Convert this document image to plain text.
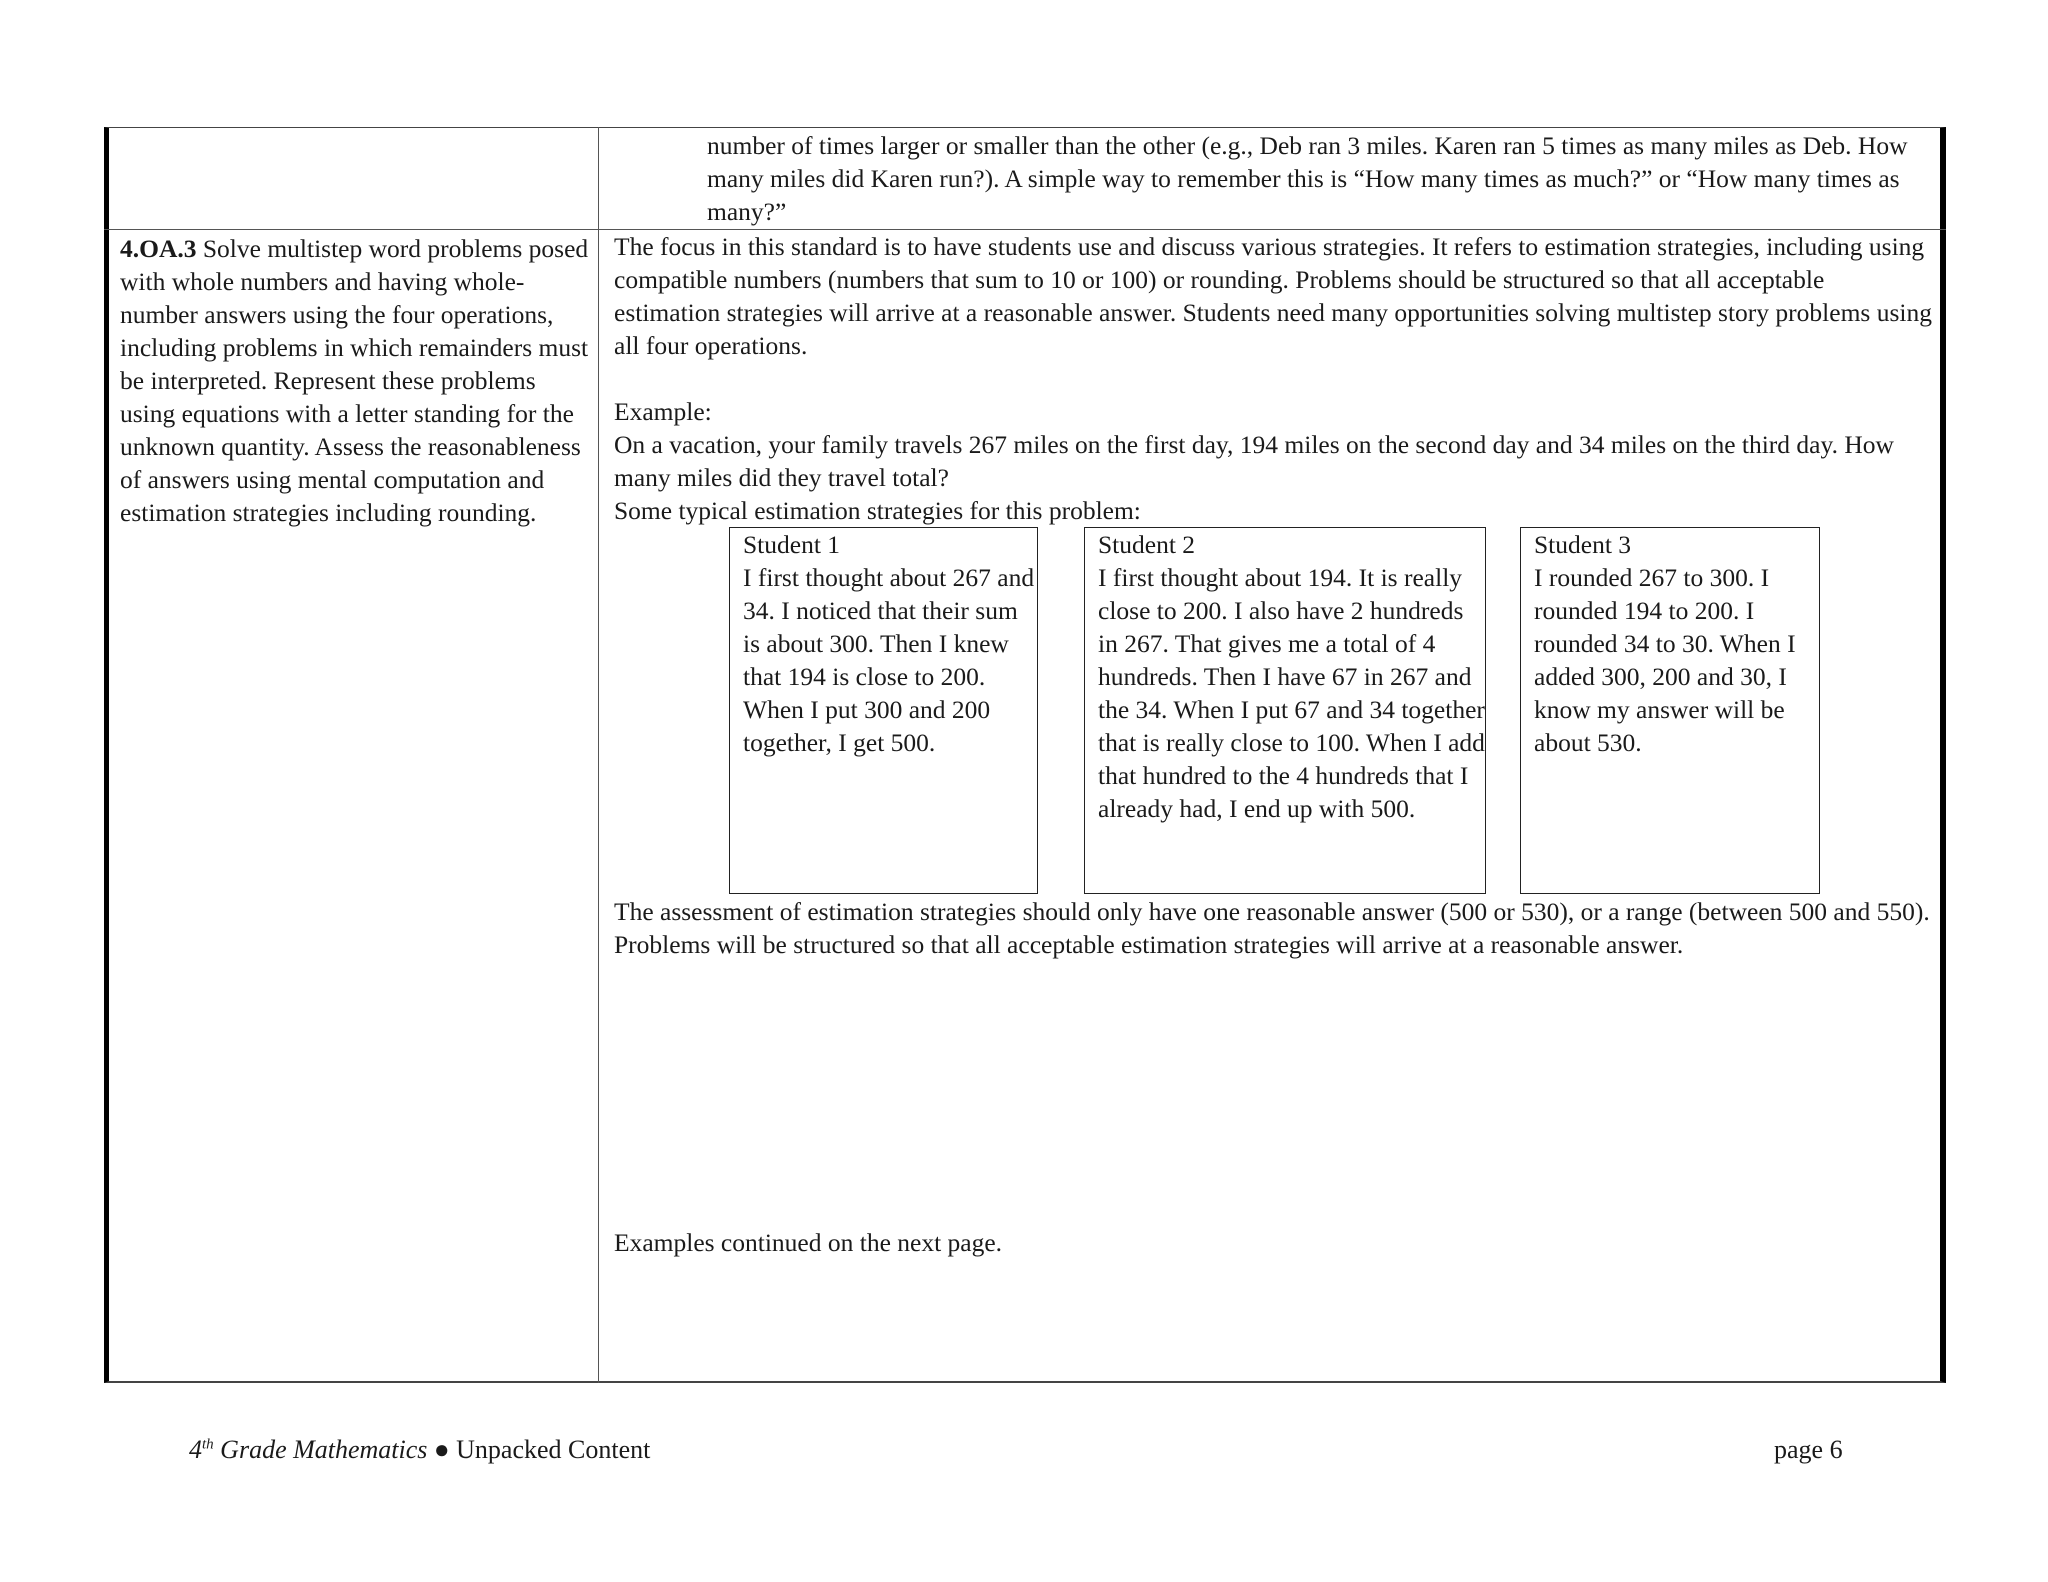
number of times larger or smaller than the other (e.g., Deb ran 3 miles. Karen ran 5 times as many miles as Deb. How many miles did Karen run?). A simple way to remember this is “How many times as much?” or “How many times as many?”
4.OA.3 Solve multistep word problems posed with whole numbers and having whole-number answers using the four operations, including problems in which remainders must be interpreted. Represent these problems using equations with a letter standing for the unknown quantity. Assess the reasonableness of answers using mental computation and estimation strategies including rounding.
The focus in this standard is to have students use and discuss various strategies. It refers to estimation strategies, including using compatible numbers (numbers that sum to 10 or 100) or rounding. Problems should be structured so that all acceptable estimation strategies will arrive at a reasonable answer. Students need many opportunities solving multistep story problems using all four operations.
Example:

On a vacation, your family travels 267 miles on the first day, 194 miles on the second day and 34 miles on the third day. How many miles did they travel total?

Some typical estimation strategies for this problem:

Student 1

I first thought about 267 and 34. I noticed that their sum is about 300. Then I knew that 194 is close to 200. When I put 300 and 200 together, I get 500.

Student 2

I first thought about 194. It is really close to 200. I also have 2 hundreds in 267. That gives me a total of 4 hundreds. Then I have 67 in 267 and the 34. When I put 67 and 34 together that is really close to 100. When I add that hundred to the 4 hundreds that I already had, I end up with 500.

Student 3

I rounded 267 to 300. I rounded 194 to 200. I rounded 34 to 30. When I added 300, 200 and 30, I know my answer will be about 530.

The assessment of estimation strategies should only have one reasonable answer (500 or 530), or a range (between 500 and 550). Problems will be structured so that all acceptable estimation strategies will arrive at a reasonable answer.
Examples continued on the next page.
4th Grade Mathematics ● Unpacked Content	page 6
